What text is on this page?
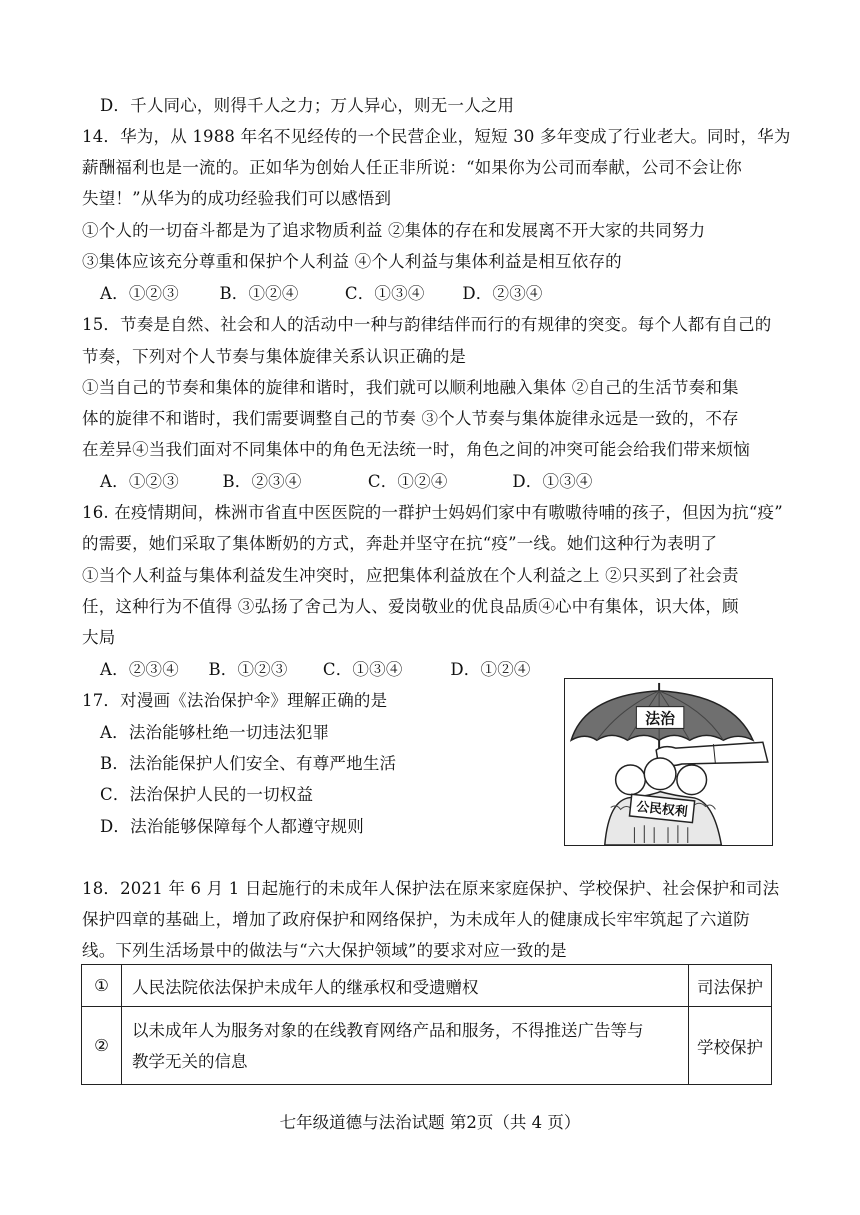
D．千人同心，则得千人之力；万人异心，则无一人之用
14．华为，从 1988 年名不见经传的一个民营企业，短短 30 多年变成了行业老大。同时，华为
薪酬福利也是一流的。正如华为创始人任正非所说：“如果你为公司而奉献，公司不会让你
失望！”从华为的成功经验我们可以感悟到
①个人的一切奋斗都是为了追求物质利益 ②集体的存在和发展离不开大家的共同努力
③集体应该充分尊重和保护个人利益 ④个人利益与集体利益是相互依存的
A．①②③ B．①②④	C．①③④ D．②③④
15．节奏是自然、社会和人的活动中一种与韵律结伴而行的有规律的突变。每个人都有自己的
节奏，下列对个人节奏与集体旋律关系认识正确的是
①当自己的节奏和集体的旋律和谐时，我们就可以顺利地融入集体 ②自己的生活节奏和集
体的旋律不和谐时，我们需要调整自己的节奏 ③个人节奏与集体旋律永远是一致的，不存
在差异④当我们面对不同集体中的角色无法统一时，角色之间的冲突可能会给我们带来烦恼
A．①②③	B．②③④	C．①②④	D．①③④
16. 在疫情期间，株洲市省直中医医院的一群护士妈妈们家中有嗷嗷待哺的孩子，但因为抗“疫”
的需要，她们采取了集体断奶的方式，奔赴并坚守在抗“疫”一线。她们这种行为表明了
①当个人利益与集体利益发生冲突时，应把集体利益放在个人利益之上 ②只买到了社会责
任，这种行为不值得 ③弘扬了舍己为人、爱岗敬业的优良品质④心中有集体，识大体，顾
大局
A．②③④ B．①②③ C．①③④	D．①②④
17．对漫画《法治保护伞》理解正确的是
A．法治能够杜绝一切违法犯罪
B．法治能保护人们安全、有尊严地生活
C．法治保护人民的一切权益
D．法治能够保障每个人都遵守规则
法治
公民权利
18．2021 年 6 月 1 日起施行的未成年人保护法在原来家庭保护、学校保护、社会保护和司法
保护四章的基础上，增加了政府保护和网络保护，为未成年人的健康成长牢牢筑起了六道防
线。下列生活场景中的做法与“六大保护领域”的要求对应一致的是
①	人民法院依法保护未成年人的继承权和受遗赠权	司法保护
②	以未成年人为服务对象的在线教育网络产品和服务，不得推送广告等与
教学无关的信息	学校保护
七年级道德与法治试题 第2页（共 4 页）
